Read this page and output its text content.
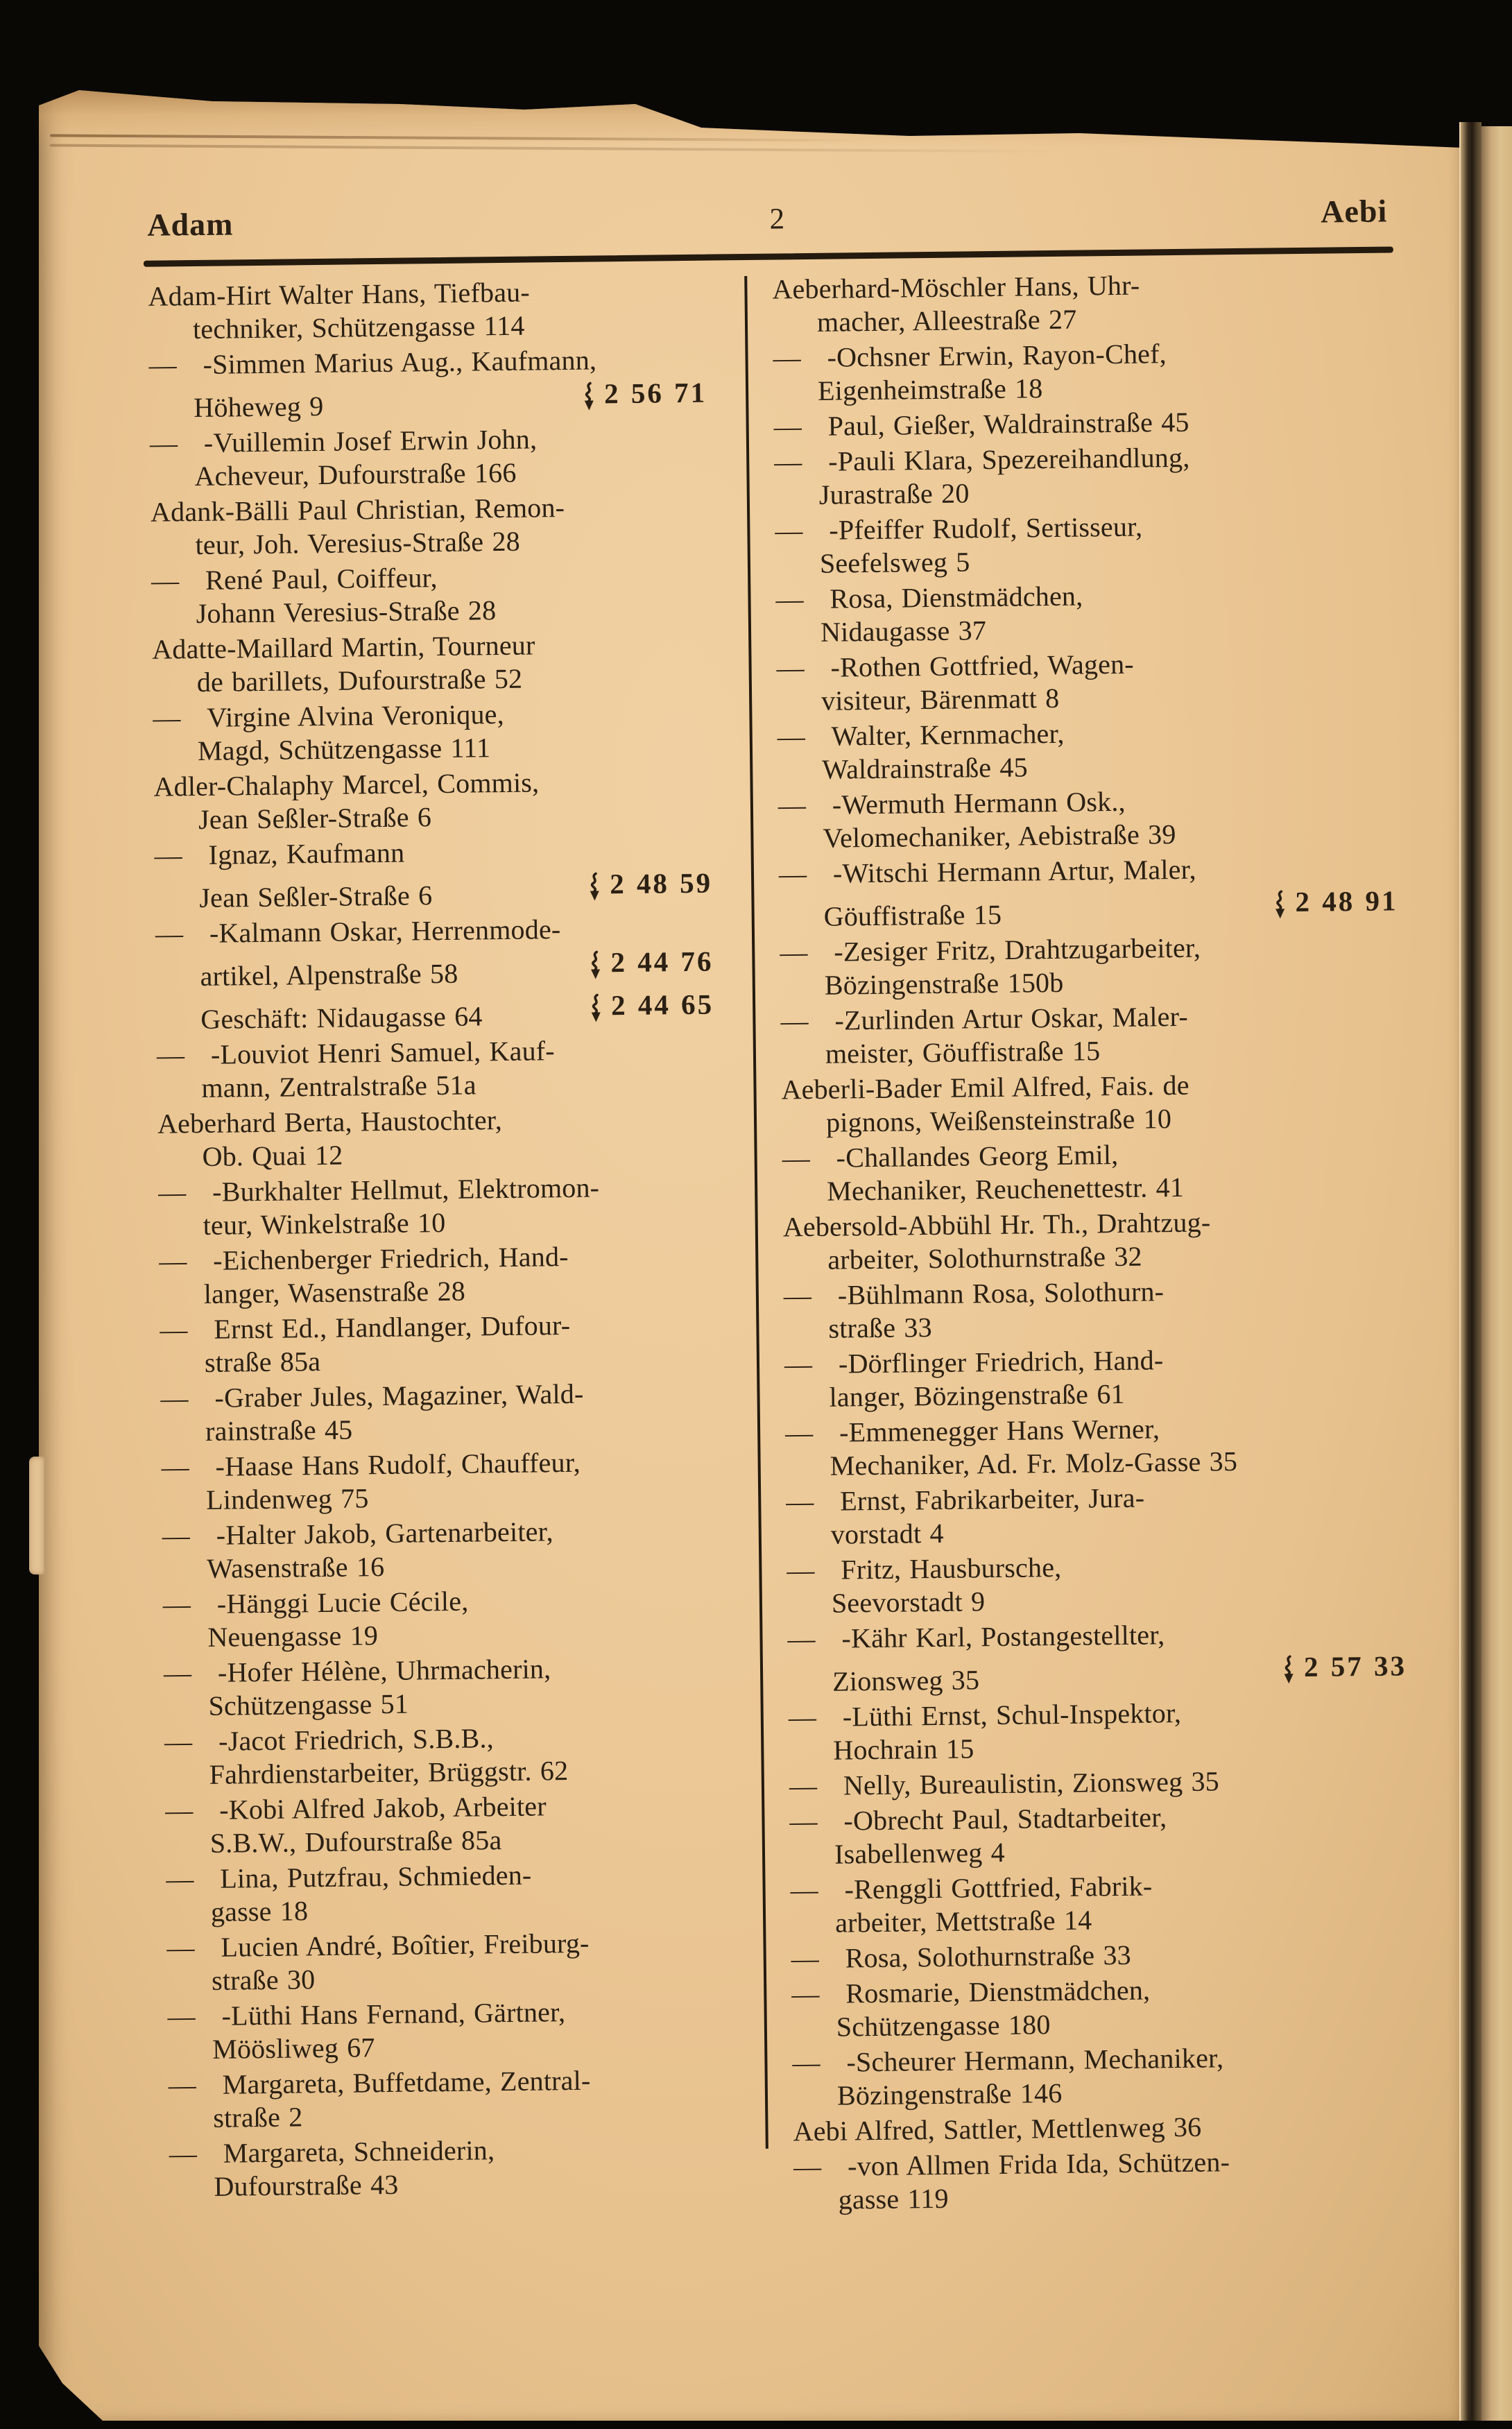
Adam	2	Aebi
Adam-Hirt Walter Hans, Tiefbau-
techniker, Schützengasse 114
— -Simmen Marius Aug., Kaufmann,
Höheweg 9	2 56 71
— -Vuillemin Josef Erwin John,
Acheveur, Dufourstraße 166
Adank-Bälli Paul Christian, Remon-
teur, Joh. Veresius-Straße 28
— René Paul, Coiffeur,
Johann Veresius-Straße 28
Adatte-Maillard Martin, Tourneur
de barillets, Dufourstraße 52
— Virgine Alvina Veronique,
Magd, Schützengasse 111
Adler-Chalaphy Marcel, Commis,
Jean Seßler-Straße 6
— Ignaz, Kaufmann
Jean Seßler-Straße 6	2 48 59
— -Kalmann Oskar, Herrenmode-
artikel, Alpenstraße 58	2 44 76
Geschäft: Nidaugasse 64	2 44 65
— -Louviot Henri Samuel, Kauf-
mann, Zentralstraße 51a
Aeberhard Berta, Haustochter,
Ob. Quai 12
— -Burkhalter Hellmut, Elektromon-
teur, Winkelstraße 10
— -Eichenberger Friedrich, Hand-
langer, Wasenstraße 28
— Ernst Ed., Handlanger, Dufour-
straße 85a
— -Graber Jules, Magaziner, Wald-
rainstraße 45
— -Haase Hans Rudolf, Chauffeur,
Lindenweg 75
— -Halter Jakob, Gartenarbeiter,
Wasenstraße 16
— -Hänggi Lucie Cécile,
Neuengasse 19
— -Hofer Hélène, Uhrmacherin,
Schützengasse 51
— -Jacot Friedrich, S.B.B.,
Fahrdienstarbeiter, Brüggstr. 62
— -Kobi Alfred Jakob, Arbeiter
S.B.W., Dufourstraße 85a
— Lina, Putzfrau, Schmieden-
gasse 18
— Lucien André, Boîtier, Freiburg-
straße 30
— -Lüthi Hans Fernand, Gärtner,
Möösliweg 67
— Margareta, Buffetdame, Zentral-
straße 2
— Margareta, Schneiderin,
Dufourstraße 43
Aeberhard-Möschler Hans, Uhr-
macher, Alleestraße 27
— -Ochsner Erwin, Rayon-Chef,
Eigenheimstraße 18
— Paul, Gießer, Waldrainstraße 45
— -Pauli Klara, Spezereihandlung,
Jurastraße 20
— -Pfeiffer Rudolf, Sertisseur,
Seefelsweg 5
— Rosa, Dienstmädchen,
Nidaugasse 37
— -Rothen Gottfried, Wagen-
visiteur, Bärenmatt 8
— Walter, Kernmacher,
Waldrainstraße 45
— -Wermuth Hermann Osk.,
Velomechaniker, Aebistraße 39
— -Witschi Hermann Artur, Maler,
Göuffistraße 15	2 48 91
— -Zesiger Fritz, Drahtzugarbeiter,
Bözingenstraße 150b
— -Zurlinden Artur Oskar, Maler-
meister, Göuffistraße 15
Aeberli-Bader Emil Alfred, Fais. de
pignons, Weißensteinstraße 10
— -Challandes Georg Emil,
Mechaniker, Reuchenettestr. 41
Aebersold-Abbühl Hr. Th., Drahtzug-
arbeiter, Solothurnstraße 32
— -Bühlmann Rosa, Solothurn-
straße 33
— -Dörflinger Friedrich, Hand-
langer, Bözingenstraße 61
— -Emmenegger Hans Werner,
Mechaniker, Ad. Fr. Molz-Gasse 35
— Ernst, Fabrikarbeiter, Jura-
vorstadt 4
— Fritz, Hausbursche,
Seevorstadt 9
— -Kähr Karl, Postangestellter,
Zionsweg 35	2 57 33
— -Lüthi Ernst, Schul-Inspektor,
Hochrain 15
— Nelly, Bureaulistin, Zionsweg 35
— -Obrecht Paul, Stadtarbeiter,
Isabellenweg 4
— -Renggli Gottfried, Fabrik-
arbeiter, Mettstraße 14
— Rosa, Solothurnstraße 33
— Rosmarie, Dienstmädchen,
Schützengasse 180
— -Scheurer Hermann, Mechaniker,
Bözingenstraße 146
Aebi Alfred, Sattler, Mettlenweg 36
— -von Allmen Frida Ida, Schützen-
gasse 119
